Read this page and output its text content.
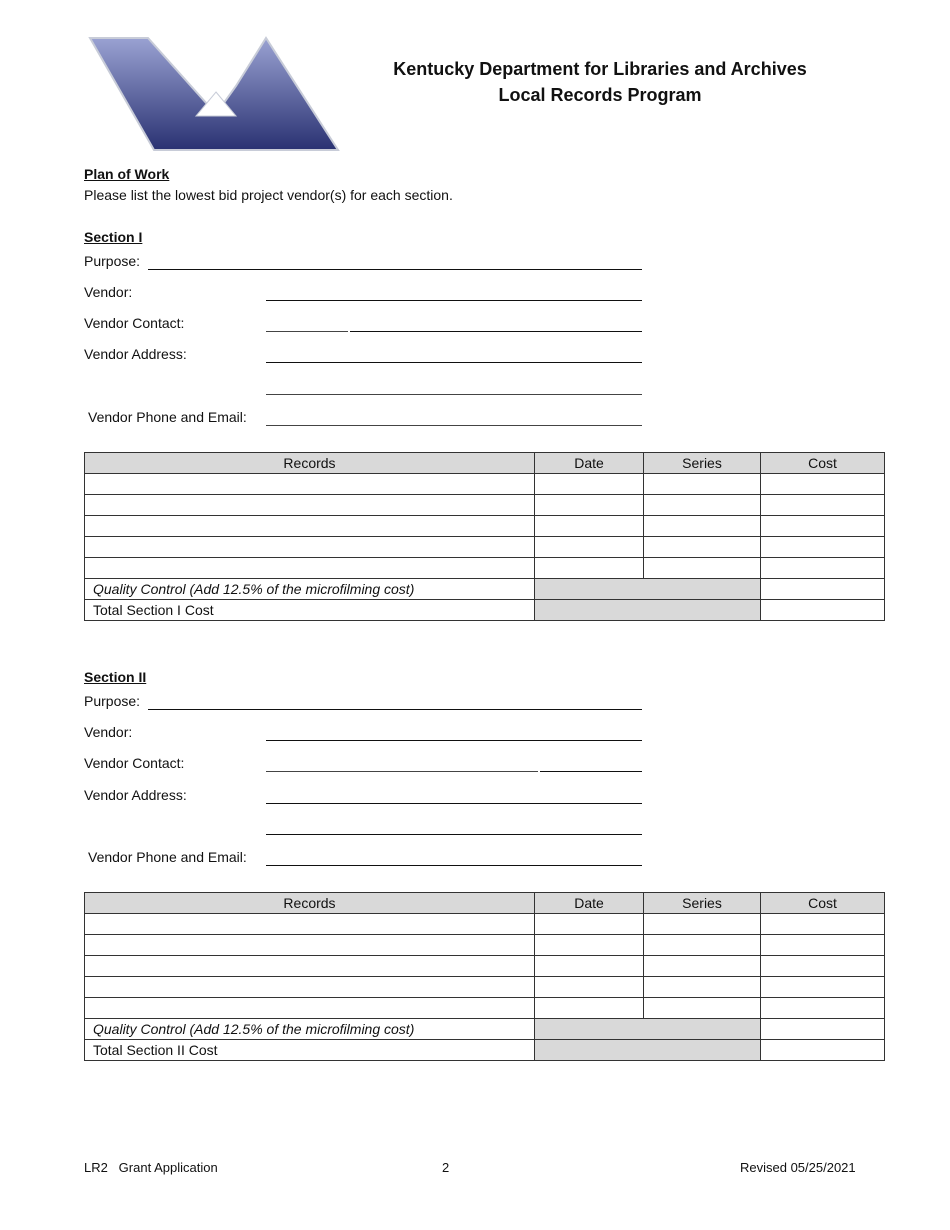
Kentucky Department for Libraries and Archives
Local Records Program
Plan of Work
Please list the lowest bid project vendor(s) for each section.
Section I
Purpose:
Vendor:
Vendor Contact:
Vendor Address:
Vendor Phone and Email:
Records	Date	Series	Cost

Quality Control (Add 12.5% of the microfilming cost)			
Total Section I Cost			
Section II
Purpose:
Vendor:
Vendor Contact:
Vendor Address:
Vendor Phone and Email:
Records	Date	Series	Cost

Quality Control (Add 12.5% of the microfilming cost)			
Total Section II Cost			
LR2   Grant Application	2	Revised 05/25/2021
